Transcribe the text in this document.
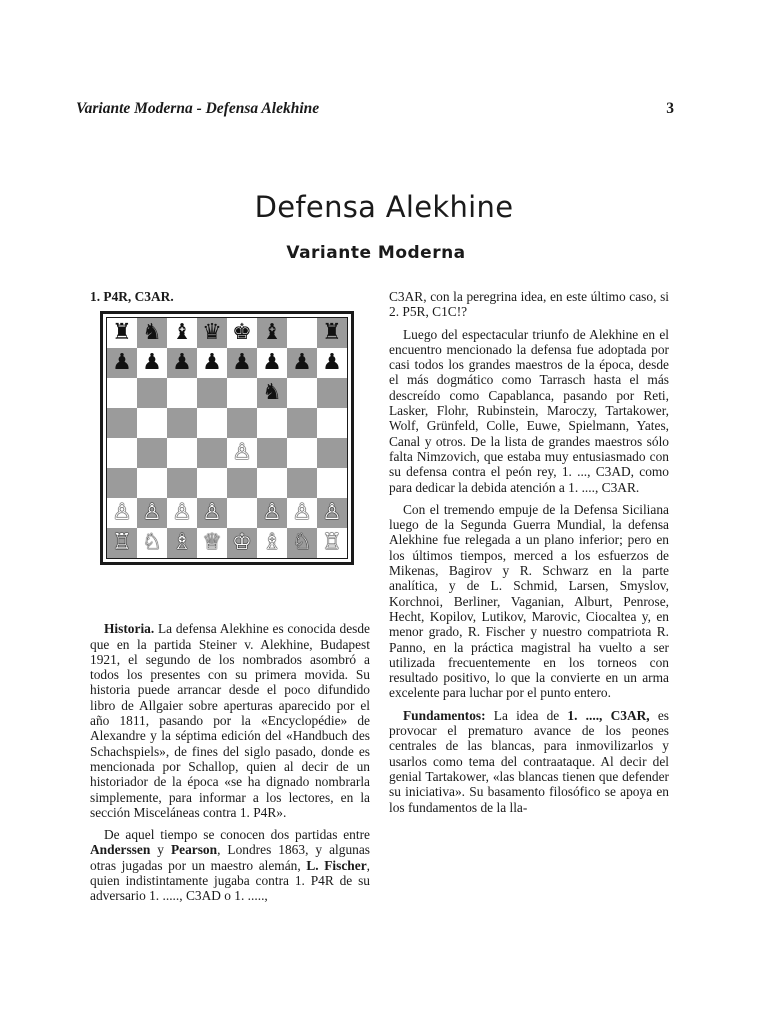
Variante Moderna - Defensa Alekhine	3
Defensa Alekhine
Variante Moderna

1. P4R, C3AR.

♜ ♞ ♝ ♛ ♚ ♝ ♜
♟ ♟ ♟ ♟ ♟ ♟ ♟ ♟
♞
♙
♙ ♙ ♙ ♙ ♙ ♙ ♙
♖ ♘ ♗ ♕ ♔ ♗ ♘ ♖

Historia. La defensa Alekhine es conocida desde que en la partida Steiner v. Alekhine, Budapest 1921, el segundo de los nombrados asombró a todos los presentes con su primera movida. Su historia puede arrancar desde el poco difundido libro de Allgaier sobre aperturas aparecido por el año 1811, pasando por la «Encyclopédie» de Alexandre y la séptima edición del «Handbuch des Schachspiels», de fines del siglo pasado, donde es mencionada por Schallop, quien al decir de un historiador de la época «se ha dignado nombrarla simplemente, para informar a los lectores, en la sección Misceláneas contra 1. P4R».

De aquel tiempo se conocen dos partidas entre Anderssen y Pearson, Londres 1863, y algunas otras jugadas por un maestro alemán, L. Fischer, quien indistintamente jugaba contra 1. P4R de su adversario 1. ....., C3AD o 1. .....,

C3AR, con la peregrina idea, en este último caso, si 2. P5R, C1C!?

Luego del espectacular triunfo de Alekhine en el encuentro mencionado la defensa fue adoptada por casi todos los grandes maestros de la época, desde el más dogmático como Tarrasch hasta el más descreído como Capablanca, pasando por Reti, Lasker, Flohr, Rubinstein, Maroczy, Tartakower, Wolf, Grünfeld, Colle, Euwe, Spielmann, Yates, Canal y otros. De la lista de grandes maestros sólo falta Nimzovich, que estaba muy entusiasmado con su defensa contra el peón rey, 1. ..., C3AD, como para dedicar la debida atención a 1. ...., C3AR.

Con el tremendo empuje de la Defensa Siciliana luego de la Segunda Guerra Mundial, la defensa Alekhine fue relegada a un plano inferior; pero en los últimos tiempos, merced a los esfuerzos de Mikenas, Bagirov y R. Schwarz en la parte analítica, y de L. Schmid, Larsen, Smyslov, Korchnoi, Berliner, Vaganian, Alburt, Penrose, Hecht, Kopilov, Lutikov, Marovic, Ciocaltea y, en menor grado, R. Fischer y nuestro compatriota R. Panno, en la práctica magistral ha vuelto a ser utilizada frecuentemente en los torneos con resultado positivo, lo que la convierte en un arma excelente para luchar por el punto entero.

Fundamentos: La idea de 1. ...., C3AR, es provocar el prematuro avance de los peones centrales de las blancas, para inmovilizarlos y usarlos como tema del contraataque. Al decir del genial Tartakower, «las blancas tienen que defender su iniciativa». Su basamento filosófico se apoya en los fundamentos de la lla-
